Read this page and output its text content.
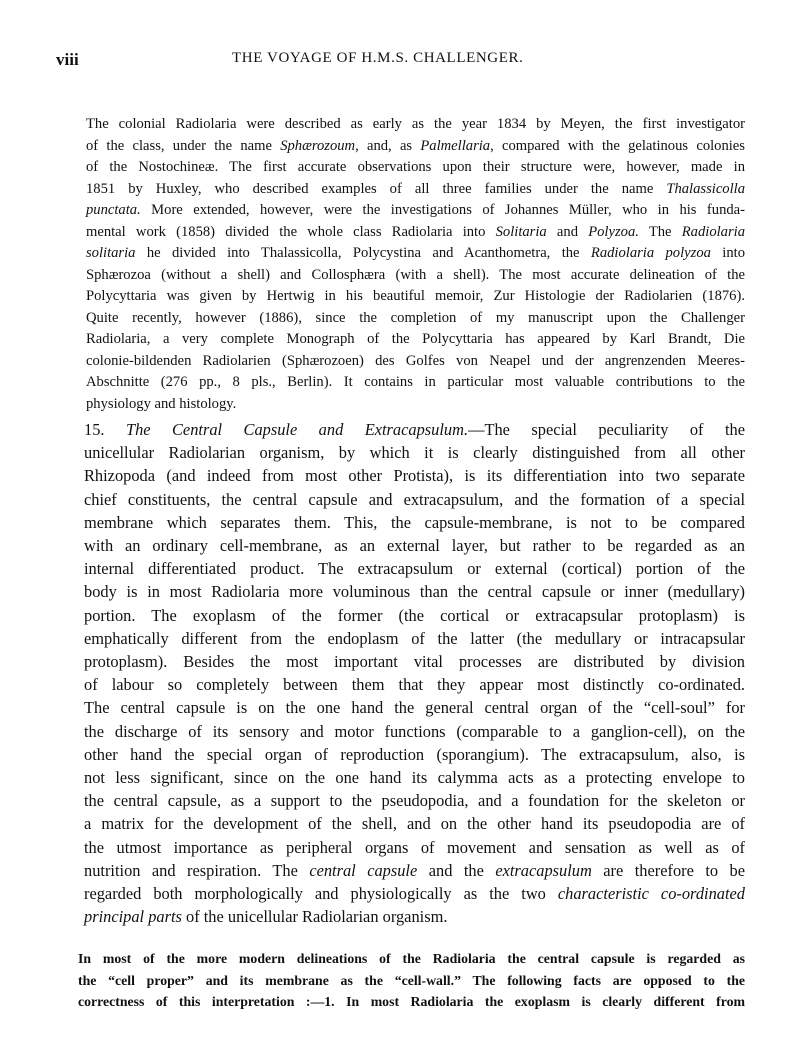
viii	THE VOYAGE OF H.M.S. CHALLENGER.
The colonial Radiolaria were described as early as the year 1834 by Meyen, the first investigator
of the class, under the name Sphærozoum, and, as Palmellaria, compared with the gelatinous colonies
of the Nostochineæ. The first accurate observations upon their structure were, however, made in
1851 by Huxley, who described examples of all three families under the name Thalassicolla
punctata. More extended, however, were the investigations of Johannes Müller, who in his funda-
mental work (1858) divided the whole class Radiolaria into Solitaria and Polyzoa. The Radiolaria
solitaria he divided into Thalassicolla, Polycystina and Acanthometra, the Radiolaria polyzoa into
Sphærozoa (without a shell) and Collosphæra (with a shell). The most accurate delineation of the
Polycyttaria was given by Hertwig in his beautiful memoir, Zur Histologie der Radiolarien (1876).
Quite recently, however (1886), since the completion of my manuscript upon the Challenger
Radiolaria, a very complete Monograph of the Polycyttaria has appeared by Karl Brandt, Die
colonie-bildenden Radiolarien (Sphærozoen) des Golfes von Neapel und der angrenzenden Meeres-
Abschnitte (276 pp., 8 pls., Berlin). It contains in particular most valuable contributions to the
physiology and histology.
15. The Central Capsule and Extracapsulum.—The special peculiarity of the
unicellular Radiolarian organism, by which it is clearly distinguished from all other
Rhizopoda (and indeed from most other Protista), is its differentiation into two separate
chief constituents, the central capsule and extracapsulum, and the formation of a special
membrane which separates them. This, the capsule-membrane, is not to be compared
with an ordinary cell-membrane, as an external layer, but rather to be regarded as an
internal differentiated product. The extracapsulum or external (cortical) portion of the
body is in most Radiolaria more voluminous than the central capsule or inner (medullary)
portion. The exoplasm of the former (the cortical or extracapsular protoplasm) is
emphatically different from the endoplasm of the latter (the medullary or intracapsular
protoplasm). Besides the most important vital processes are distributed by division
of labour so completely between them that they appear most distinctly co-ordinated.
The central capsule is on the one hand the general central organ of the “cell-soul” for
the discharge of its sensory and motor functions (comparable to a ganglion-cell), on the
other hand the special organ of reproduction (sporangium). The extracapsulum, also, is
not less significant, since on the one hand its calymma acts as a protecting envelope to
the central capsule, as a support to the pseudopodia, and a foundation for the skeleton or
a matrix for the development of the shell, and on the other hand its pseudopodia are of
the utmost importance as peripheral organs of movement and sensation as well as of
nutrition and respiration. The central capsule and the extracapsulum are therefore to be
regarded both morphologically and physiologically as the two characteristic co-ordinated
principal parts of the unicellular Radiolarian organism.
In most of the more modern delineations of the Radiolaria the central capsule is regarded as
the “cell proper” and its membrane as the “cell-wall.” The following facts are opposed to the
correctness of this interpretation :—1. In most Radiolaria the exoplasm is clearly different from
